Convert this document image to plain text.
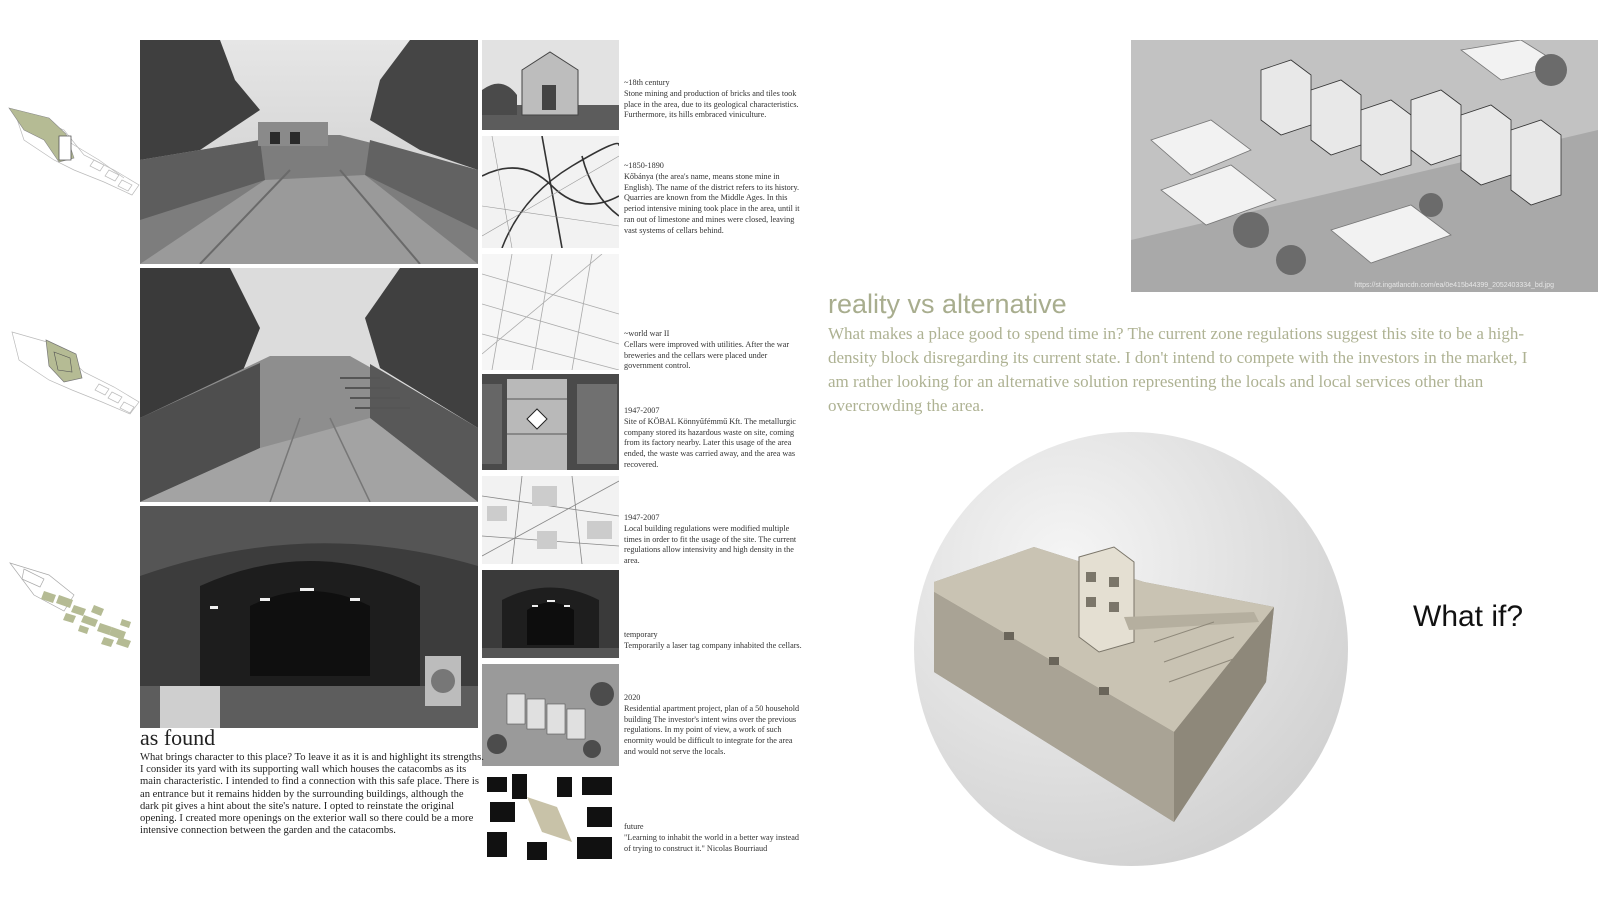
~18th century
Stone mining and production of bricks and tiles took place in the area, due to its geological characteristics. Furthermore, its hills embraced viniculture.
~1850-1890
Kőbánya (the area's name, means stone mine in English). The name of the district refers to its history. Quarries are known from the Middle Ages. In this period intensive mining took place in the area, until it ran out of limestone and mines were closed, leaving vast systems of cellars behind.
~world war II
Cellars were improved with utilities. After the war breweries and the cellars were placed under government control.
1947-2007
Site of KÖBAL Könnyűfémmű Kft. The metallurgic company stored its hazardous waste on site, coming from its factory nearby. Later this usage of the area ended, the waste was carried away, and the area was recovered.
1947-2007
Local building regulations were modified multiple times in order to fit the usage of the site. The current regulations allow intensivity and high density in the area.
temporary
Temporarily a laser tag company inhabited the cellars.
2020
Residential apartment project, plan of a 50 household building The investor's intent wins over the previous regulations. In my point of view, a work of such enormity would be difficult to integrate for the area and would not serve the locals.
future
"Learning to inhabit the world in a better way instead of trying to construct it." Nicolas Bourriaud
as found
What brings character to this place? To leave it as it is and highlight its strengths. I consider its yard with its supporting wall which houses the catacombs as its main characteristic. I intended to find a connection with this safe place. There is an entrance but it remains hidden by the surrounding buildings, although the dark pit gives a hint about the site's nature. I opted to reinstate the original opening. I created more openings on the exterior wall so there could be a more intensive connection between the garden and the catacombs.
https://st.ingatlancdn.com/ea/0e415b44399_2052403334_bd.jpg
reality vs alternative
What makes a place good to spend time in? The current zone regulations suggest this site to be a high-density block disregarding its current state. I don't intend to compete with the investors in the market, I am rather looking for an alternative solution representing the locals and local services other than overcrowding the area.
What if?
